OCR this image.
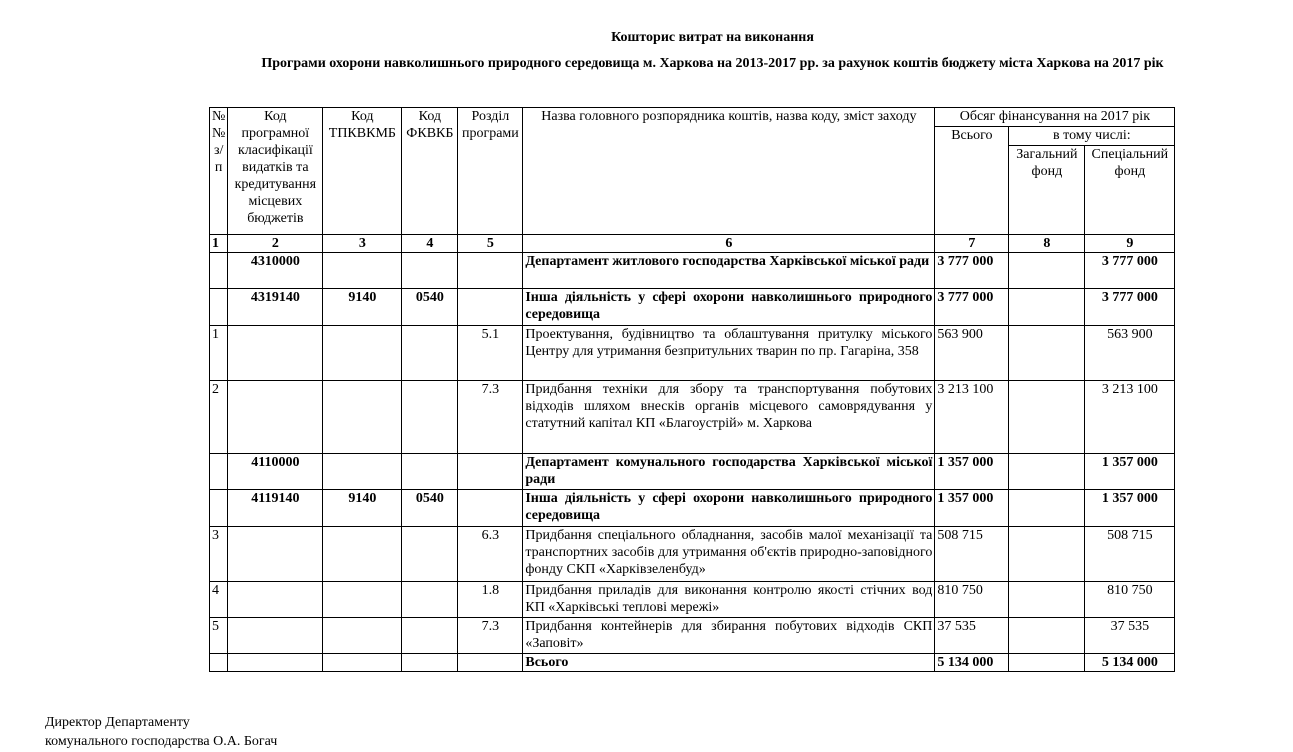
Кошторис витрат на виконання
Програми охорони навколишнього природного середовища м. Харкова на 2013-2017 рр. за рахунок коштів бюджету міста Харкова на 2017 рік
№ № з/п	Код програмної класифікації видатків та кредитування місцевих бюджетів	Код ТПКВКМБ	Код ФКВКБ	Розділ програми	Назва головного розпорядника коштів, назва коду, зміст заходу	Обсяг фінансування на 2017 рік		
						Всього	в тому числі:	
							Загальний фонд	Спеціальний фонд
1	2	3	4	5	6	7	8	9
	4310000				Департамент житлового господарства Харківської міської ради	3 777 000		3 777 000
	4319140	9140	0540		Інша діяльність у сфері охорони навколишнього природного середовища	3 777 000		3 777 000
1				5.1	Проектування, будівництво та облаштування притулку міського Центру для утримання безпритульних тварин по пр. Гагаріна, 358	563 900		563 900
2				7.3	Придбання техніки для збору та транспортування побутових відходів шляхом внесків органів місцевого самоврядування у статутний капітал КП «Благоустрій» м. Харкова	3 213 100		3 213 100
	4110000				Департамент комунального господарства Харківської міської ради	1 357 000		1 357 000
	4119140	9140	0540		Інша діяльність у сфері охорони навколишнього природного середовища	1 357 000		1 357 000
3				6.3	Придбання спеціального обладнання, засобів малої механізації та транспортних засобів для утримання об'єктів природно-заповідного фонду СКП «Харківзеленбуд»	508 715		508 715
4				1.8	Придбання приладів для виконання контролю якості стічних вод КП «Харківські теплові мережі»	810 750		810 750
5				7.3	Придбання контейнерів для збирання побутових відходів СКП «Заповіт»	37 535		37 535
					Всього	5 134 000		5 134 000
Директор Департаменту
комунального господарства О.А. Богач
